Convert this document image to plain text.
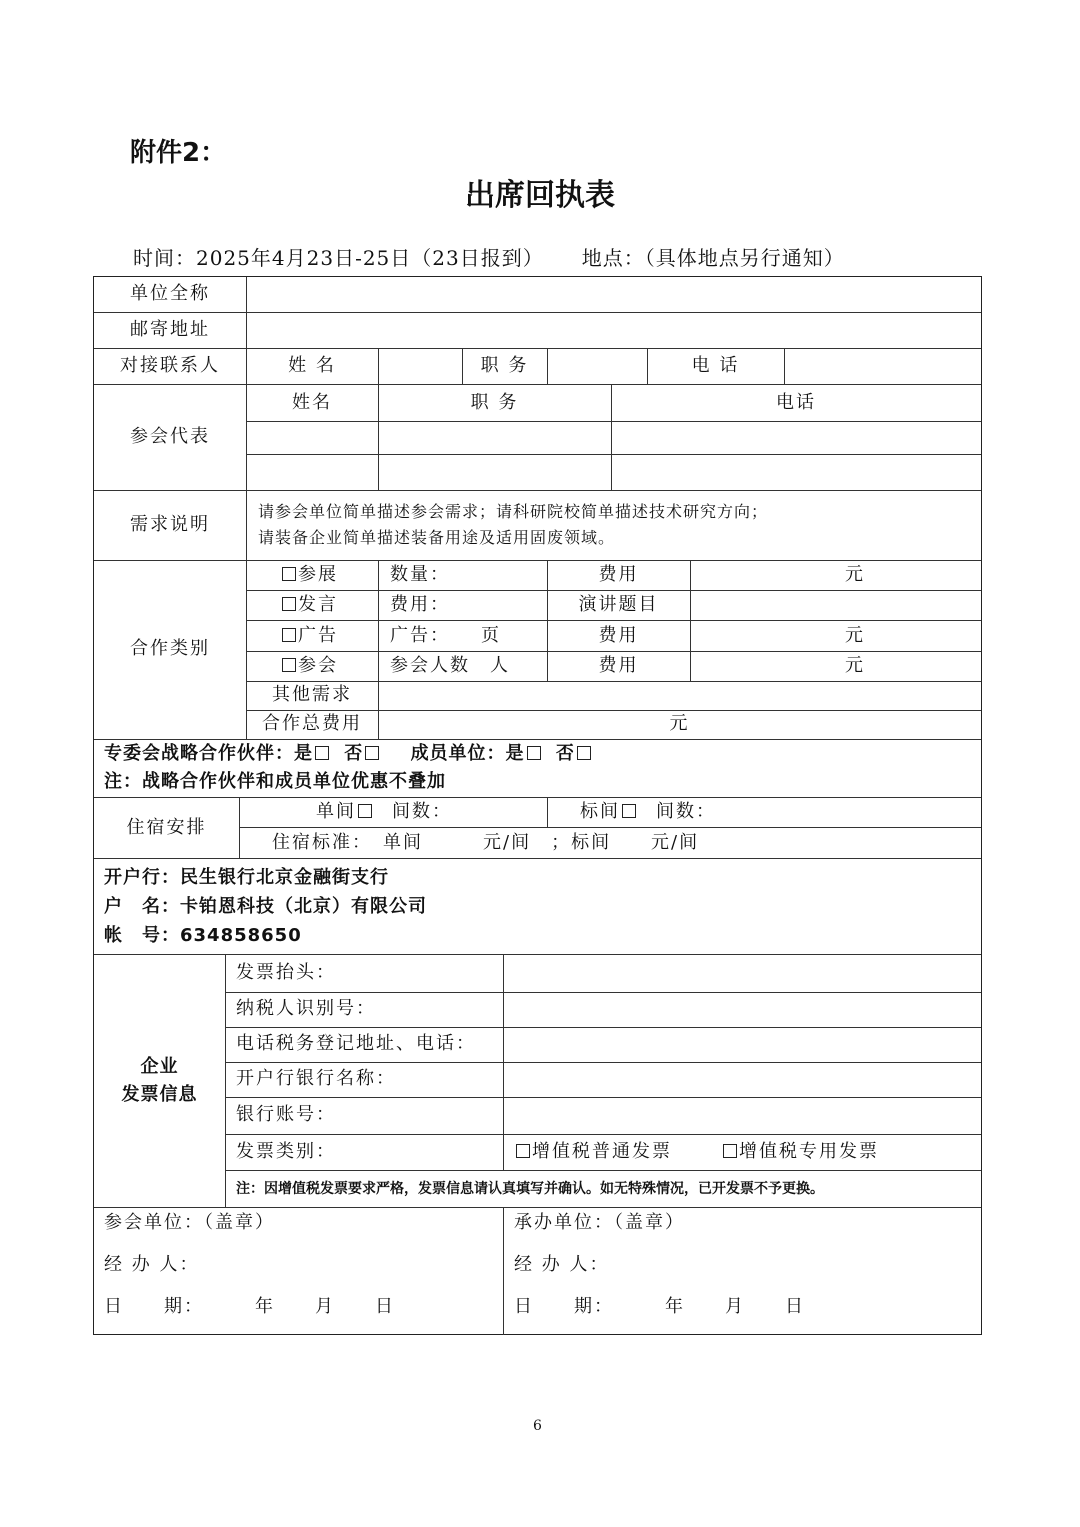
附件2：
出席回执表
时间：2025年4月23日-25日（23日报到） 地点：（具体地点另行通知）
单位全称
邮寄地址
对接联系人	姓 名	职 务	电 话
参会代表
姓名	职 务	电话
需求说明
请参会单位简单描述参会需求；请科研院校简单描述技术研究方向；
请装备企业简单描述装备用途及适用固废领域。
合作类别
参展	数量：	费用	元
发言	费用：	演讲题目
广告	广告：　　页	费用	元
参会	参会人数　人	费用	元
其他需求
合作总费用	元
专委会战略合作伙伴：是 否	成员单位：是 否
注：战略合作伙伴和成员单位优惠不叠加
住宿安排
单间 间数：	标间 间数：
住宿标准：　单间　　　元/间　；标间　　元/间
开户行：民生银行北京金融街支行
户　名：卡铂恩科技（北京）有限公司
帐　号：634858650
企业
发票信息
发票抬头：
纳税人识别号：
电话税务登记地址、电话：
开户行银行名称：
银行账号：
发票类别：	增值税普通发票	增值税专用发票
注：因增值税发票要求严格，发票信息请认真填写并确认。如无特殊情况，已开发票不予更换。
参会单位：（盖章）
经 办 人：
日　　期：　　　年　　月　　日
承办单位：（盖章）
经 办 人：
日　　期：　　　年　　月　　日
6
